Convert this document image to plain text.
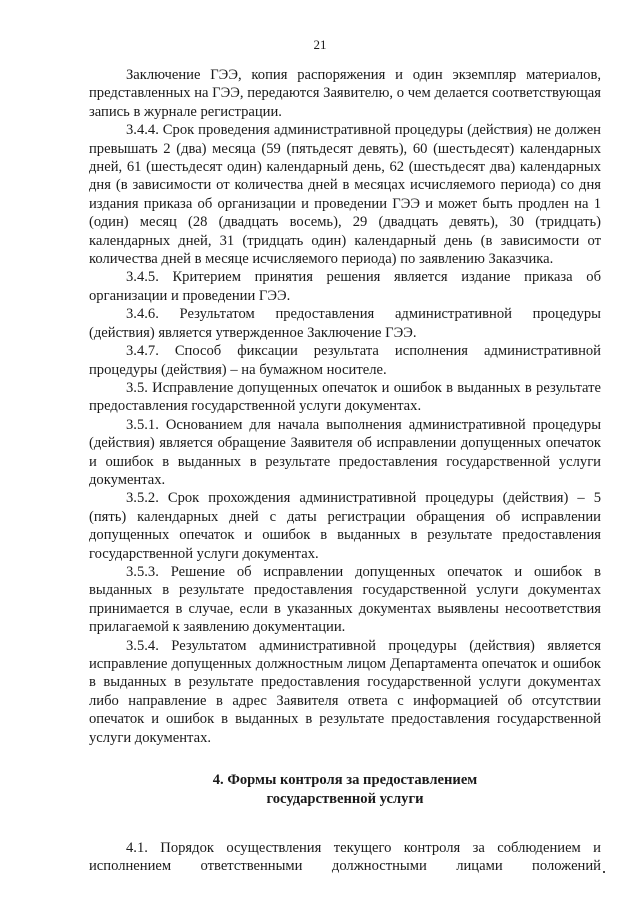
21

Заключение ГЭЭ, копия распоряжения и один экземпляр материалов, представленных на ГЭЭ, передаются Заявителю, о чем делается соответствующая запись в журнале регистрации.

3.4.4. Срок проведения административной процедуры (действия) не должен превышать 2 (два) месяца (59 (пятьдесят девять), 60 (шестьдесят) календарных дней, 61 (шестьдесят один) календарный день, 62 (шестьдесят два) календарных дня (в зависимости от количества дней в месяцах исчисляемого периода) со дня издания приказа об организации и проведении ГЭЭ и может быть продлен на 1 (один) месяц (28 (двадцать восемь), 29 (двадцать девять), 30 (тридцать) календарных дней, 31 (тридцать один) календарный день (в зависимости от количества дней в месяце исчисляемого периода) по заявлению Заказчика.

3.4.5. Критерием принятия решения является издание приказа об организации и проведении ГЭЭ.

3.4.6. Результатом предоставления административной процедуры (действия) является утвержденное Заключение ГЭЭ.

3.4.7. Способ фиксации результата исполнения административной процедуры (действия) – на бумажном носителе.

3.5. Исправление допущенных опечаток и ошибок в выданных в результате предоставления государственной услуги документах.

3.5.1. Основанием для начала выполнения административной процедуры (действия) является обращение Заявителя об исправлении допущенных опечаток и ошибок в выданных в результате предоставления государственной услуги документах.

3.5.2. Срок прохождения административной процедуры (действия) – 5 (пять) календарных дней с даты регистрации обращения об исправлении допущенных опечаток и ошибок в выданных в результате предоставления государственной услуги документах.

3.5.3. Решение об исправлении допущенных опечаток и ошибок в выданных в результате предоставления государственной услуги документах принимается в случае, если в указанных документах выявлены несоответствия прилагаемой к заявлению документации.

3.5.4. Результатом административной процедуры (действия) является исправление допущенных должностным лицом Департамента опечаток и ошибок в выданных в результате предоставления государственной услуги документах либо направление в адрес Заявителя ответа с информацией об отсутствии опечаток и ошибок в выданных в результате предоставления государственной услуги документах.

4. Формы контроля за предоставлением
государственной услуги

4.1. Порядок осуществления текущего контроля за соблюдением и исполнением ответственными должностными лицами положений
